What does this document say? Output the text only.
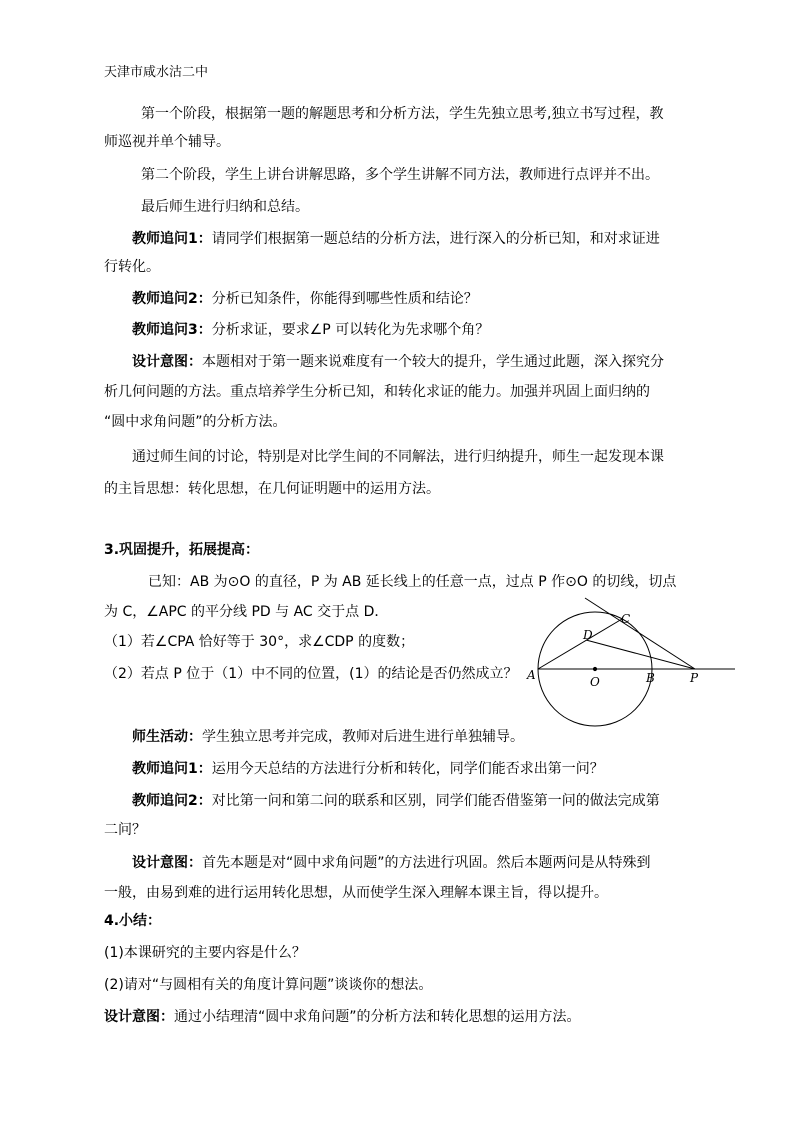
天津市咸水沽二中
第一个阶段，根据第一题的解题思考和分析方法，学生先独立思考,独立书写过程，教
师巡视并单个辅导。
第二个阶段，学生上讲台讲解思路，多个学生讲解不同方法，教师进行点评并不出。
最后师生进行归纳和总结。
教师追问1：请同学们根据第一题总结的分析方法，进行深入的分析已知，和对求证进
行转化。
教师追问2：分析已知条件，你能得到哪些性质和结论？
教师追问3：分析求证，要求∠P 可以转化为先求哪个角？
设计意图：本题相对于第一题来说难度有一个较大的提升，学生通过此题，深入探究分
析几何问题的方法。重点培养学生分析已知，和转化求证的能力。加强并巩固上面归纳的
“圆中求角问题”的分析方法。
通过师生间的讨论，特别是对比学生间的不同解法，进行归纳提升，师生一起发现本课
的主旨思想：转化思想，在几何证明题中的运用方法。
3.巩固提升，拓展提高：
已知：AB 为⊙O 的直径，P 为 AB 延长线上的任意一点，过点 P 作⊙O 的切线，切点
为 C，∠APC 的平分线 PD 与 AC 交于点 D．
（1）若∠CPA 恰好等于 30°，求∠CDP 的度数；
（2）若点 P 位于（1）中不同的位置，(1）的结论是否仍然成立？ A	O	B	P
C
D
师生活动：学生独立思考并完成，教师对后进生进行单独辅导。
教师追问1：运用今天总结的方法进行分析和转化，同学们能否求出第一问？
教师追问2：对比第一问和第二问的联系和区别，同学们能否借鉴第一问的做法完成第
二问？
设计意图：首先本题是对“圆中求角问题”的方法进行巩固。然后本题两问是从特殊到
一般，由易到难的进行运用转化思想，从而使学生深入理解本课主旨，得以提升。
4.小结：
(1)本课研究的主要内容是什么？
(2)请对“与圆相有关的角度计算问题”谈谈你的想法。
设计意图：通过小结理清“圆中求角问题”的分析方法和转化思想的运用方法。
